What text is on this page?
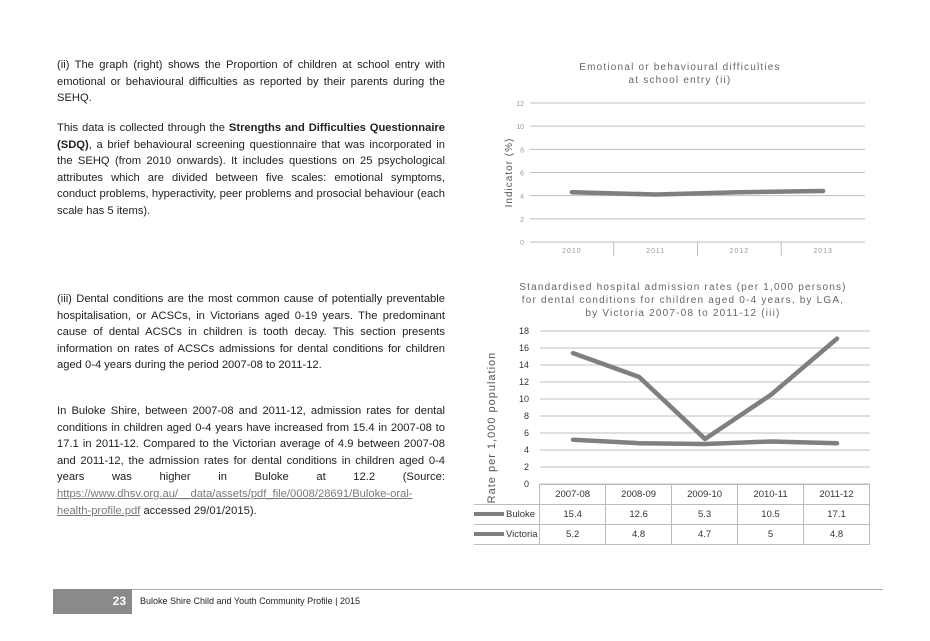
(ii) The graph (right) shows the Proportion of children at school entry with emotional or behavioural difficulties as reported by their parents during the SEHQ.

This data is collected through the Strengths and Difficulties Questionnaire (SDQ), a brief behavioural screening questionnaire that was incorporated in the SEHQ (from 2010 onwards). It includes questions on 25 psychological attributes which are divided between five scales: emotional symptoms, conduct problems, hyperactivity, peer problems and prosocial behaviour (each scale has 5 items).

(iii) Dental conditions are the most common cause of potentially preventable hospitalisation, or ACSCs, in Victorians aged 0-19 years. The predominant cause of dental ACSCs in children is tooth decay. This section presents information on rates of ACSCs admissions for dental conditions for children aged 0-4 years during the period 2007-08 to 2011-12.

In Buloke Shire, between 2007-08 and 2011-12, admission rates for dental conditions in children aged 0-4 years have increased from 15.4 in 2007-08 to 17.1 in 2011-12. Compared to the Victorian average of 4.9 between 2007-08 and 2011-12, the admission rates for dental conditions in children aged 0-4 years was higher in Buloke at 12.2 (Source: https://www.dhsv.org.au/__data/assets/pdf_file/0008/28691/Buloke-oral-health-profile.pdf accessed 29/01/2015).

Emotional or behavioural difficulties
at school entry (ii)
0
2
4
6
8
10
12
2010	2011	2012	2013
Indicator (%)
Standardised hospital admission rates (per 1,000 persons)
for dental conditions for children aged 0-4 years, by LGA,
by Victoria 2007-08 to 2011-12 (iii)
0
2
4
6
8
10
12
14
16
18
Rate per 1,000 population
		2007-08	2008-09	2009-10	2010-11	2011-12
Buloke	15.4	12.6	5.3	10.5	17.1
Victoria	5.2	4.8	4.7	5	4.8
23	Buloke Shire Child and Youth Community Profile | 2015
